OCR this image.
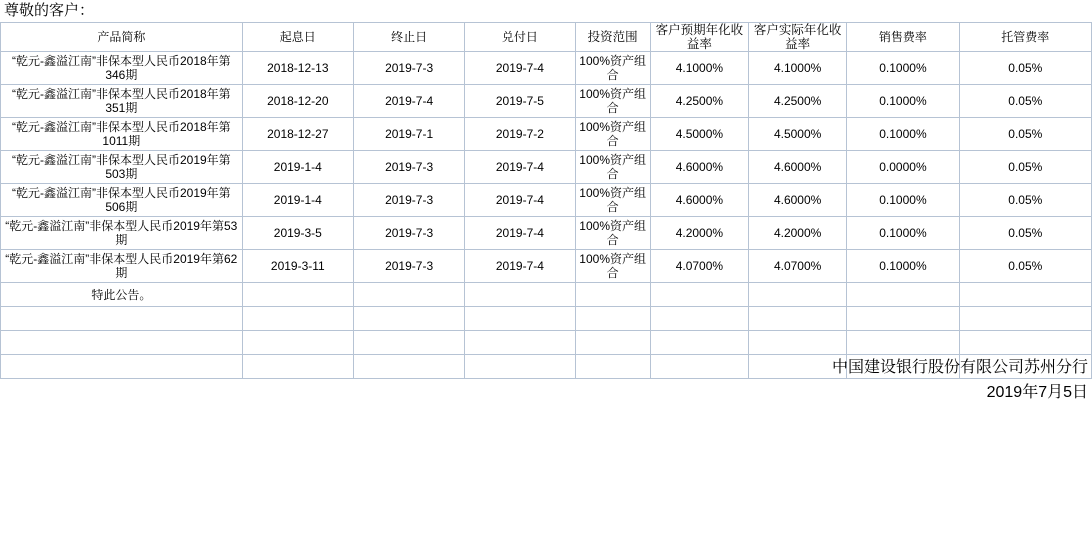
尊敬的客户：
产品简称	起息日	终止日	兑付日	投资范围	客户预期年化收益率	客户实际年化收益率	销售费率	托管费率
“乾元-鑫溢江南”非保本型人民币2018年第346期	2018-12-13	2019-7-3	2019-7-4	100%资产组合	4.1000%	4.1000%	0.1000%	0.05%
“乾元-鑫溢江南”非保本型人民币2018年第351期	2018-12-20	2019-7-4	2019-7-5	100%资产组合	4.2500%	4.2500%	0.1000%	0.05%
“乾元-鑫溢江南”非保本型人民币2018年第1011期	2018-12-27	2019-7-1	2019-7-2	100%资产组合	4.5000%	4.5000%	0.1000%	0.05%
“乾元-鑫溢江南”非保本型人民币2019年第503期	2019-1-4	2019-7-3	2019-7-4	100%资产组合	4.6000%	4.6000%	0.0000%	0.05%
“乾元-鑫溢江南”非保本型人民币2019年第506期	2019-1-4	2019-7-3	2019-7-4	100%资产组合	4.6000%	4.6000%	0.1000%	0.05%
“乾元-鑫溢江南”非保本型人民币2019年第53期	2019-3-5	2019-7-3	2019-7-4	100%资产组合	4.2000%	4.2000%	0.1000%	0.05%
“乾元-鑫溢江南”非保本型人民币2019年第62期	2019-3-11	2019-7-3	2019-7-4	100%资产组合	4.0700%	4.0700%	0.1000%	0.05%
特此公告。								

中国建设银行股份有限公司苏州分行
2019年7月5日
